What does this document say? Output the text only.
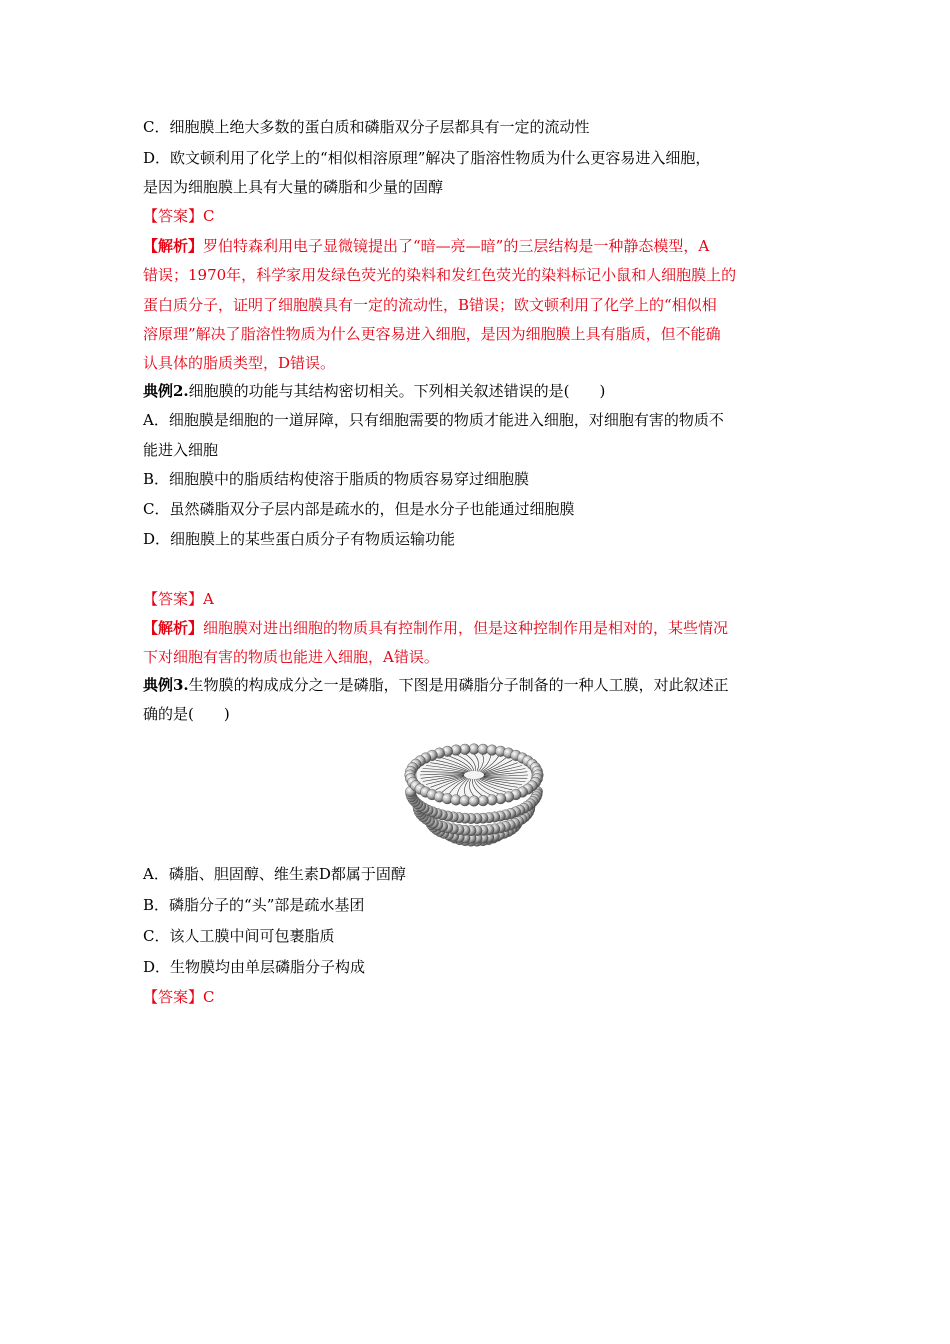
C．细胞膜上绝大多数的蛋白质和磷脂双分子层都具有一定的流动性
D．欧文顿利用了化学上的“相似相溶原理”解决了脂溶性物质为什么更容易进入细胞，
是因为细胞膜上具有大量的磷脂和少量的固醇
【答案】C
【解析】罗伯特森利用电子显微镜提出了“暗—亮—暗”的三层结构是一种静态模型，A
错误；1970年，科学家用发绿色荧光的染料和发红色荧光的染料标记小鼠和人细胞膜上的
蛋白质分子，证明了细胞膜具有一定的流动性，B错误；欧文顿利用了化学上的“相似相
溶原理”解决了脂溶性物质为什么更容易进入细胞，是因为细胞膜上具有脂质，但不能确
认具体的脂质类型，D错误。
典例2.细胞膜的功能与其结构密切相关。下列相关叙述错误的是(　　)
A．细胞膜是细胞的一道屏障，只有细胞需要的物质才能进入细胞，对细胞有害的物质不
能进入细胞
B．细胞膜中的脂质结构使溶于脂质的物质容易穿过细胞膜
C．虽然磷脂双分子层内部是疏水的，但是水分子也能通过细胞膜
D．细胞膜上的某些蛋白质分子有物质运输功能
【答案】A
【解析】细胞膜对进出细胞的物质具有控制作用，但是这种控制作用是相对的，某些情况
下对细胞有害的物质也能进入细胞，A错误。
典例3.生物膜的构成成分之一是磷脂，下图是用磷脂分子制备的一种人工膜，对此叙述正
确的是(　　)
A．磷脂、胆固醇、维生素D都属于固醇
B．磷脂分子的“头”部是疏水基团
C．该人工膜中间可包裹脂质
D．生物膜均由单层磷脂分子构成
【答案】C
